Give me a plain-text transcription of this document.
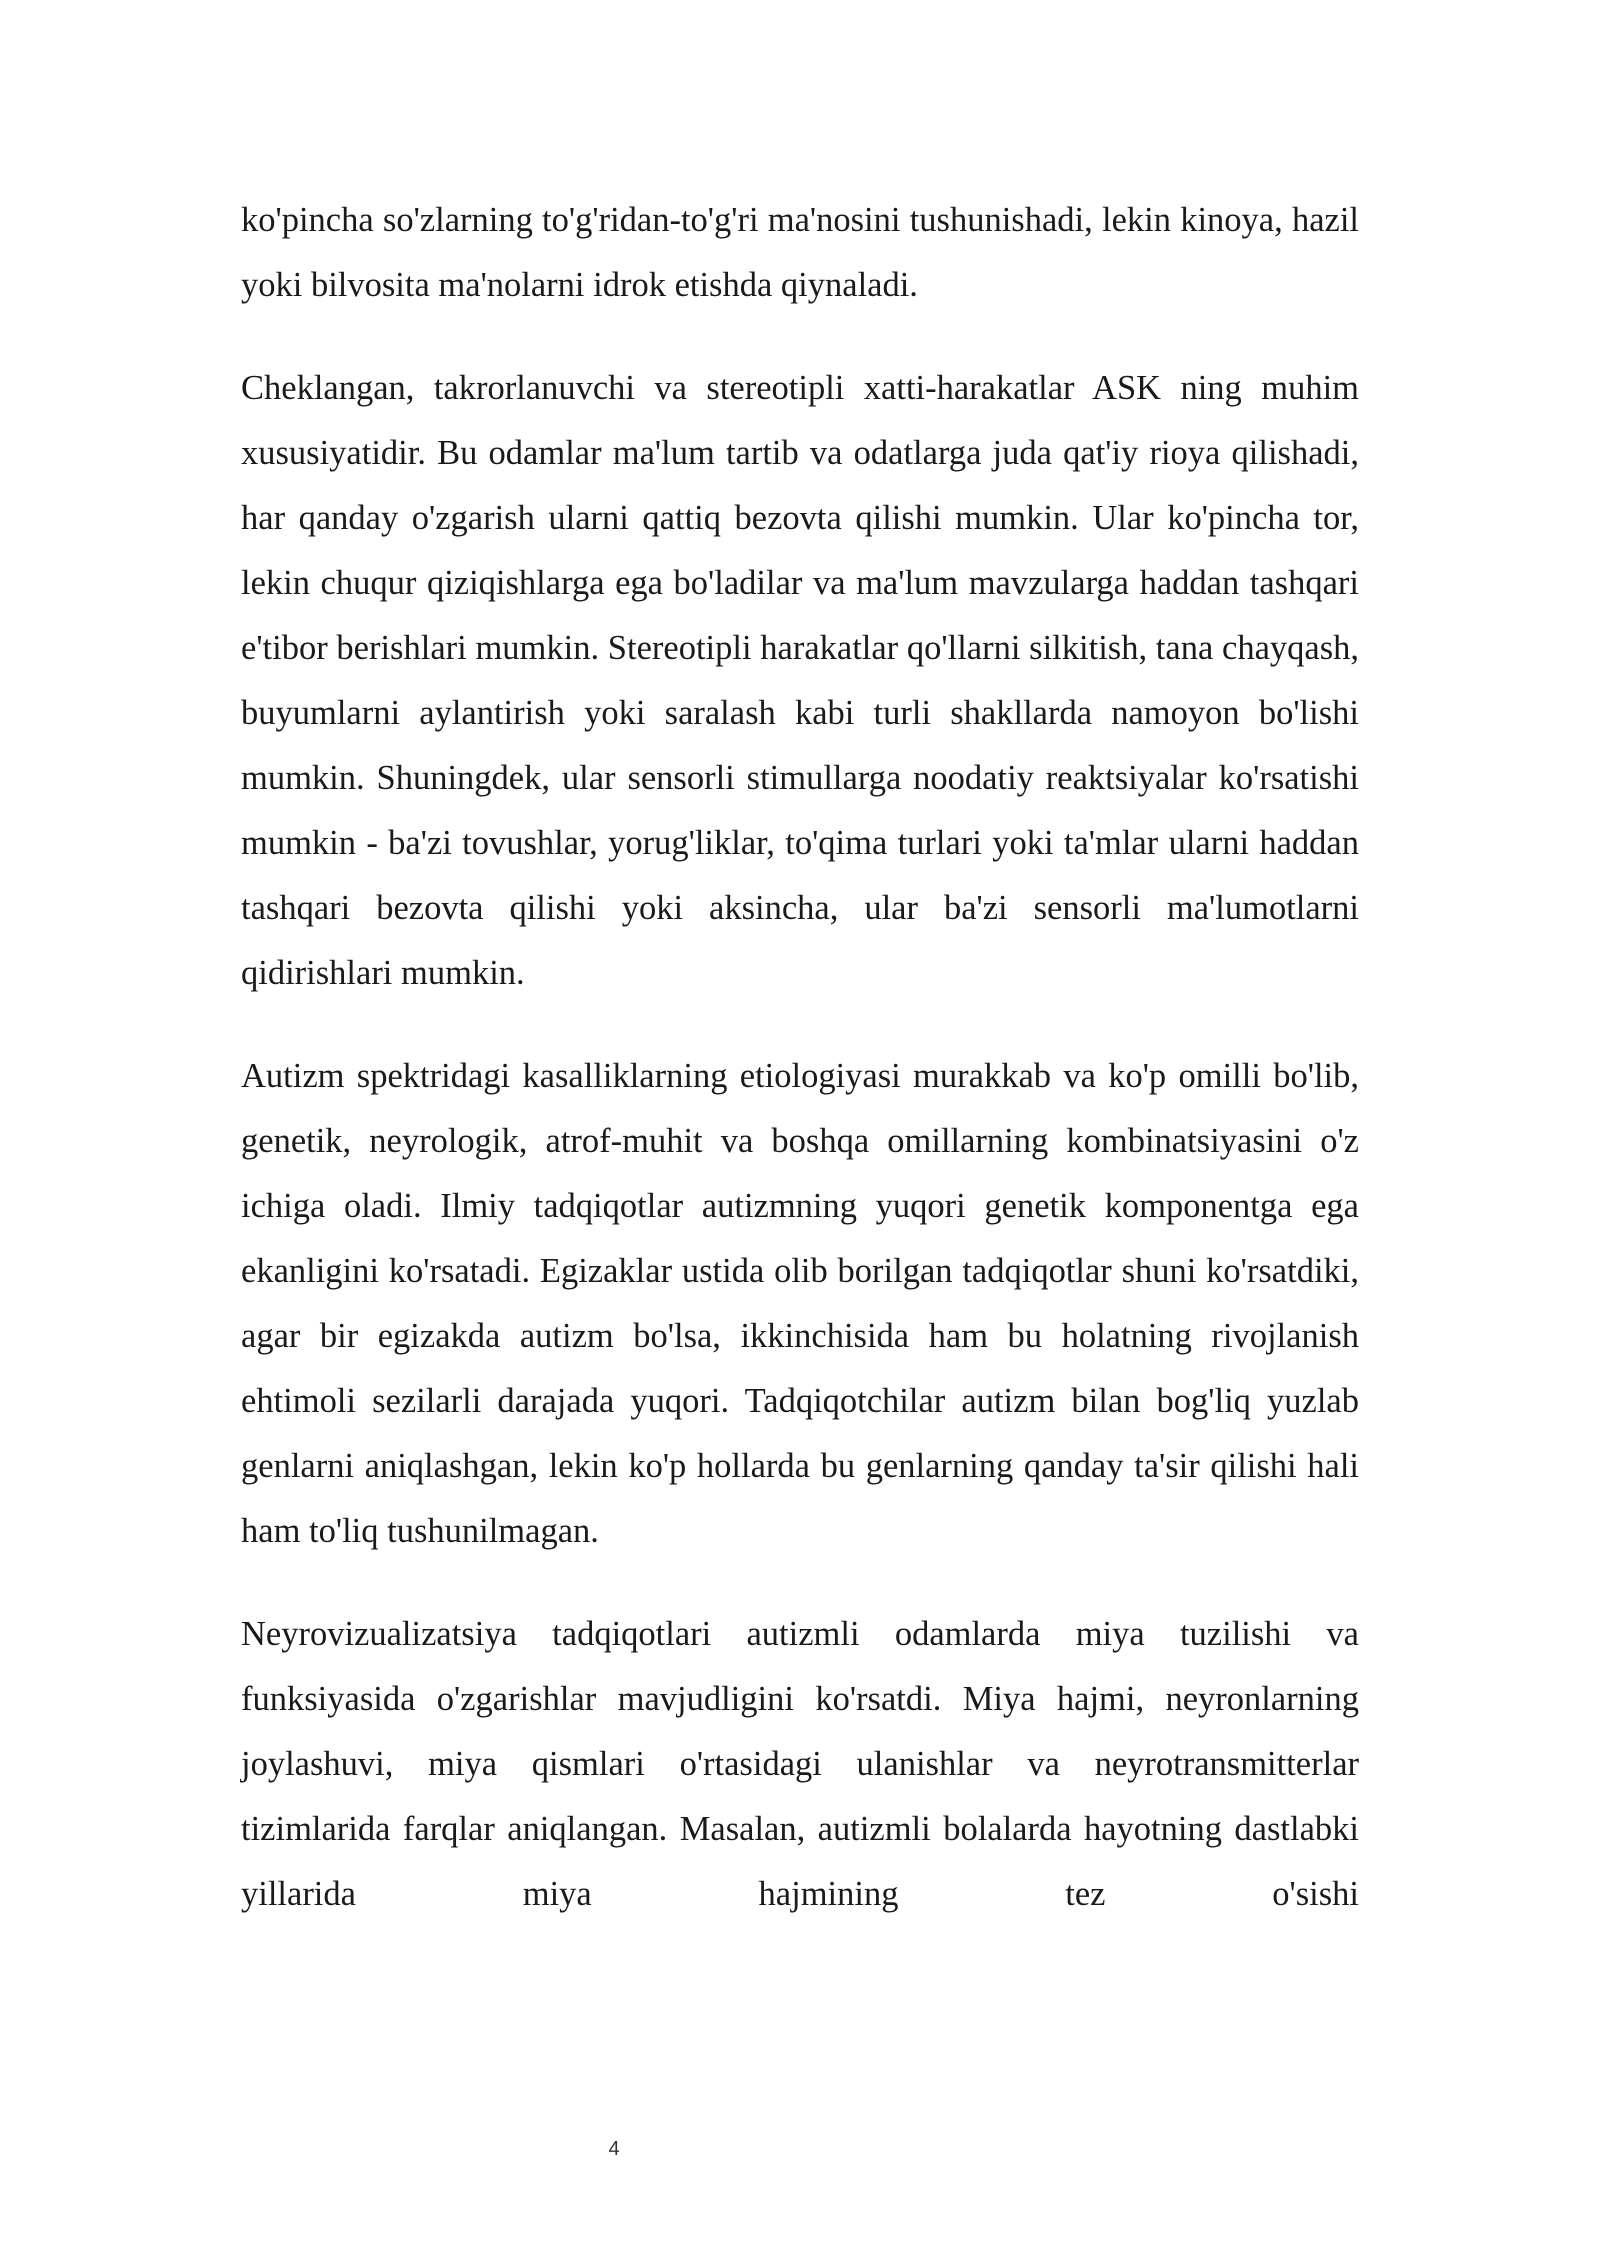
ko'pincha so'zlarning to'g'ridan-to'g'ri ma'nosini tushunishadi, lekin kinoya, hazil yoki bilvosita ma'nolarni idrok etishda qiynaladi.

Cheklangan, takrorlanuvchi va stereotipli xatti-harakatlar ASK ning muhim xususiyatidir. Bu odamlar ma'lum tartib va odatlarga juda qat'iy rioya qilishadi, har qanday o'zgarish ularni qattiq bezovta qilishi mumkin. Ular ko'pincha tor, lekin chuqur qiziqishlarga ega bo'ladilar va ma'lum mavzularga haddan tashqari e'tibor berishlari mumkin. Stereotipli harakatlar qo'llarni silkitish, tana chayqash, buyumlarni aylantirish yoki saralash kabi turli shakllarda namoyon bo'lishi mumkin. Shuningdek, ular sensorli stimullarga noodatiy reaktsiyalar ko'rsatishi mumkin - ba'zi tovushlar, yorug'liklar, to'qima turlari yoki ta'mlar ularni haddan tashqari bezovta qilishi yoki aksincha, ular ba'zi sensorli ma'lumotlarni qidirishlari mumkin.

Autizm spektridagi kasalliklarning etiologiyasi murakkab va ko'p omilli bo'lib, genetik, neyrologik, atrof-muhit va boshqa omillarning kombinatsiyasini o'z ichiga oladi. Ilmiy tadqiqotlar autizmning yuqori genetik komponentga ega ekanligini ko'rsatadi. Egizaklar ustida olib borilgan tadqiqotlar shuni ko'rsatdiki, agar bir egizakda autizm bo'lsa, ikkinchisida ham bu holatning rivojlanish ehtimoli sezilarli darajada yuqori. Tadqiqotchilar autizm bilan bog'liq yuzlab genlarni aniqlashgan, lekin ko'p hollarda bu genlarning qanday ta'sir qilishi hali ham to'liq tushunilmagan.

Neyrovizualizatsiya tadqiqotlari autizmli odamlarda miya tuzilishi va funksiyasida o'zgarishlar mavjudligini ko'rsatdi. Miya hajmi, neyronlarning joylashuvi, miya qismlari o'rtasidagi ulanishlar va neyrotransmitterlar tizimlarida farqlar aniqlangan. Masalan, autizmli bolalarda hayotning dastlabki yillarida miya hajmining tez o'sishi

4
